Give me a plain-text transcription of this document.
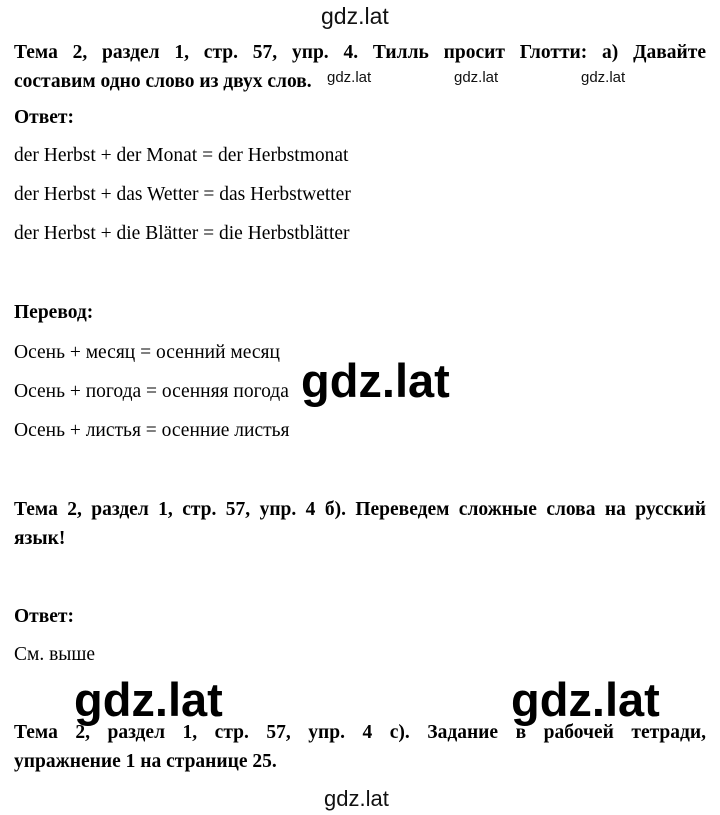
gdz.lat

Тема 2, раздел 1, стр. 57, упр. 4. Тилль просит Глотти: а) Давайте

составим одно слово из двух слов. gdz.lat	gdz.lat	gdz.lat

Ответ:

der Herbst + der Monat = der Herbstmonat

der Herbst + das Wetter = das Herbstwetter

der Herbst + die Blätter = die Herbstblätter

Перевод:

Осень + месяц = осенний месяц

Осень + погода = осенняя погода

Осень + листья = осенние листья

gdz.lat

Тема 2, раздел 1, стр. 57, упр. 4 б). Переведем сложные слова на русский

язык!

Ответ:

См. выше

Тема 2, раздел 1, стр. 57, упр. 4 с). Задание в рабочей тетради,

упражнение 1 на странице 25.

gdz.lat	gdz.lat
gdz.lat
